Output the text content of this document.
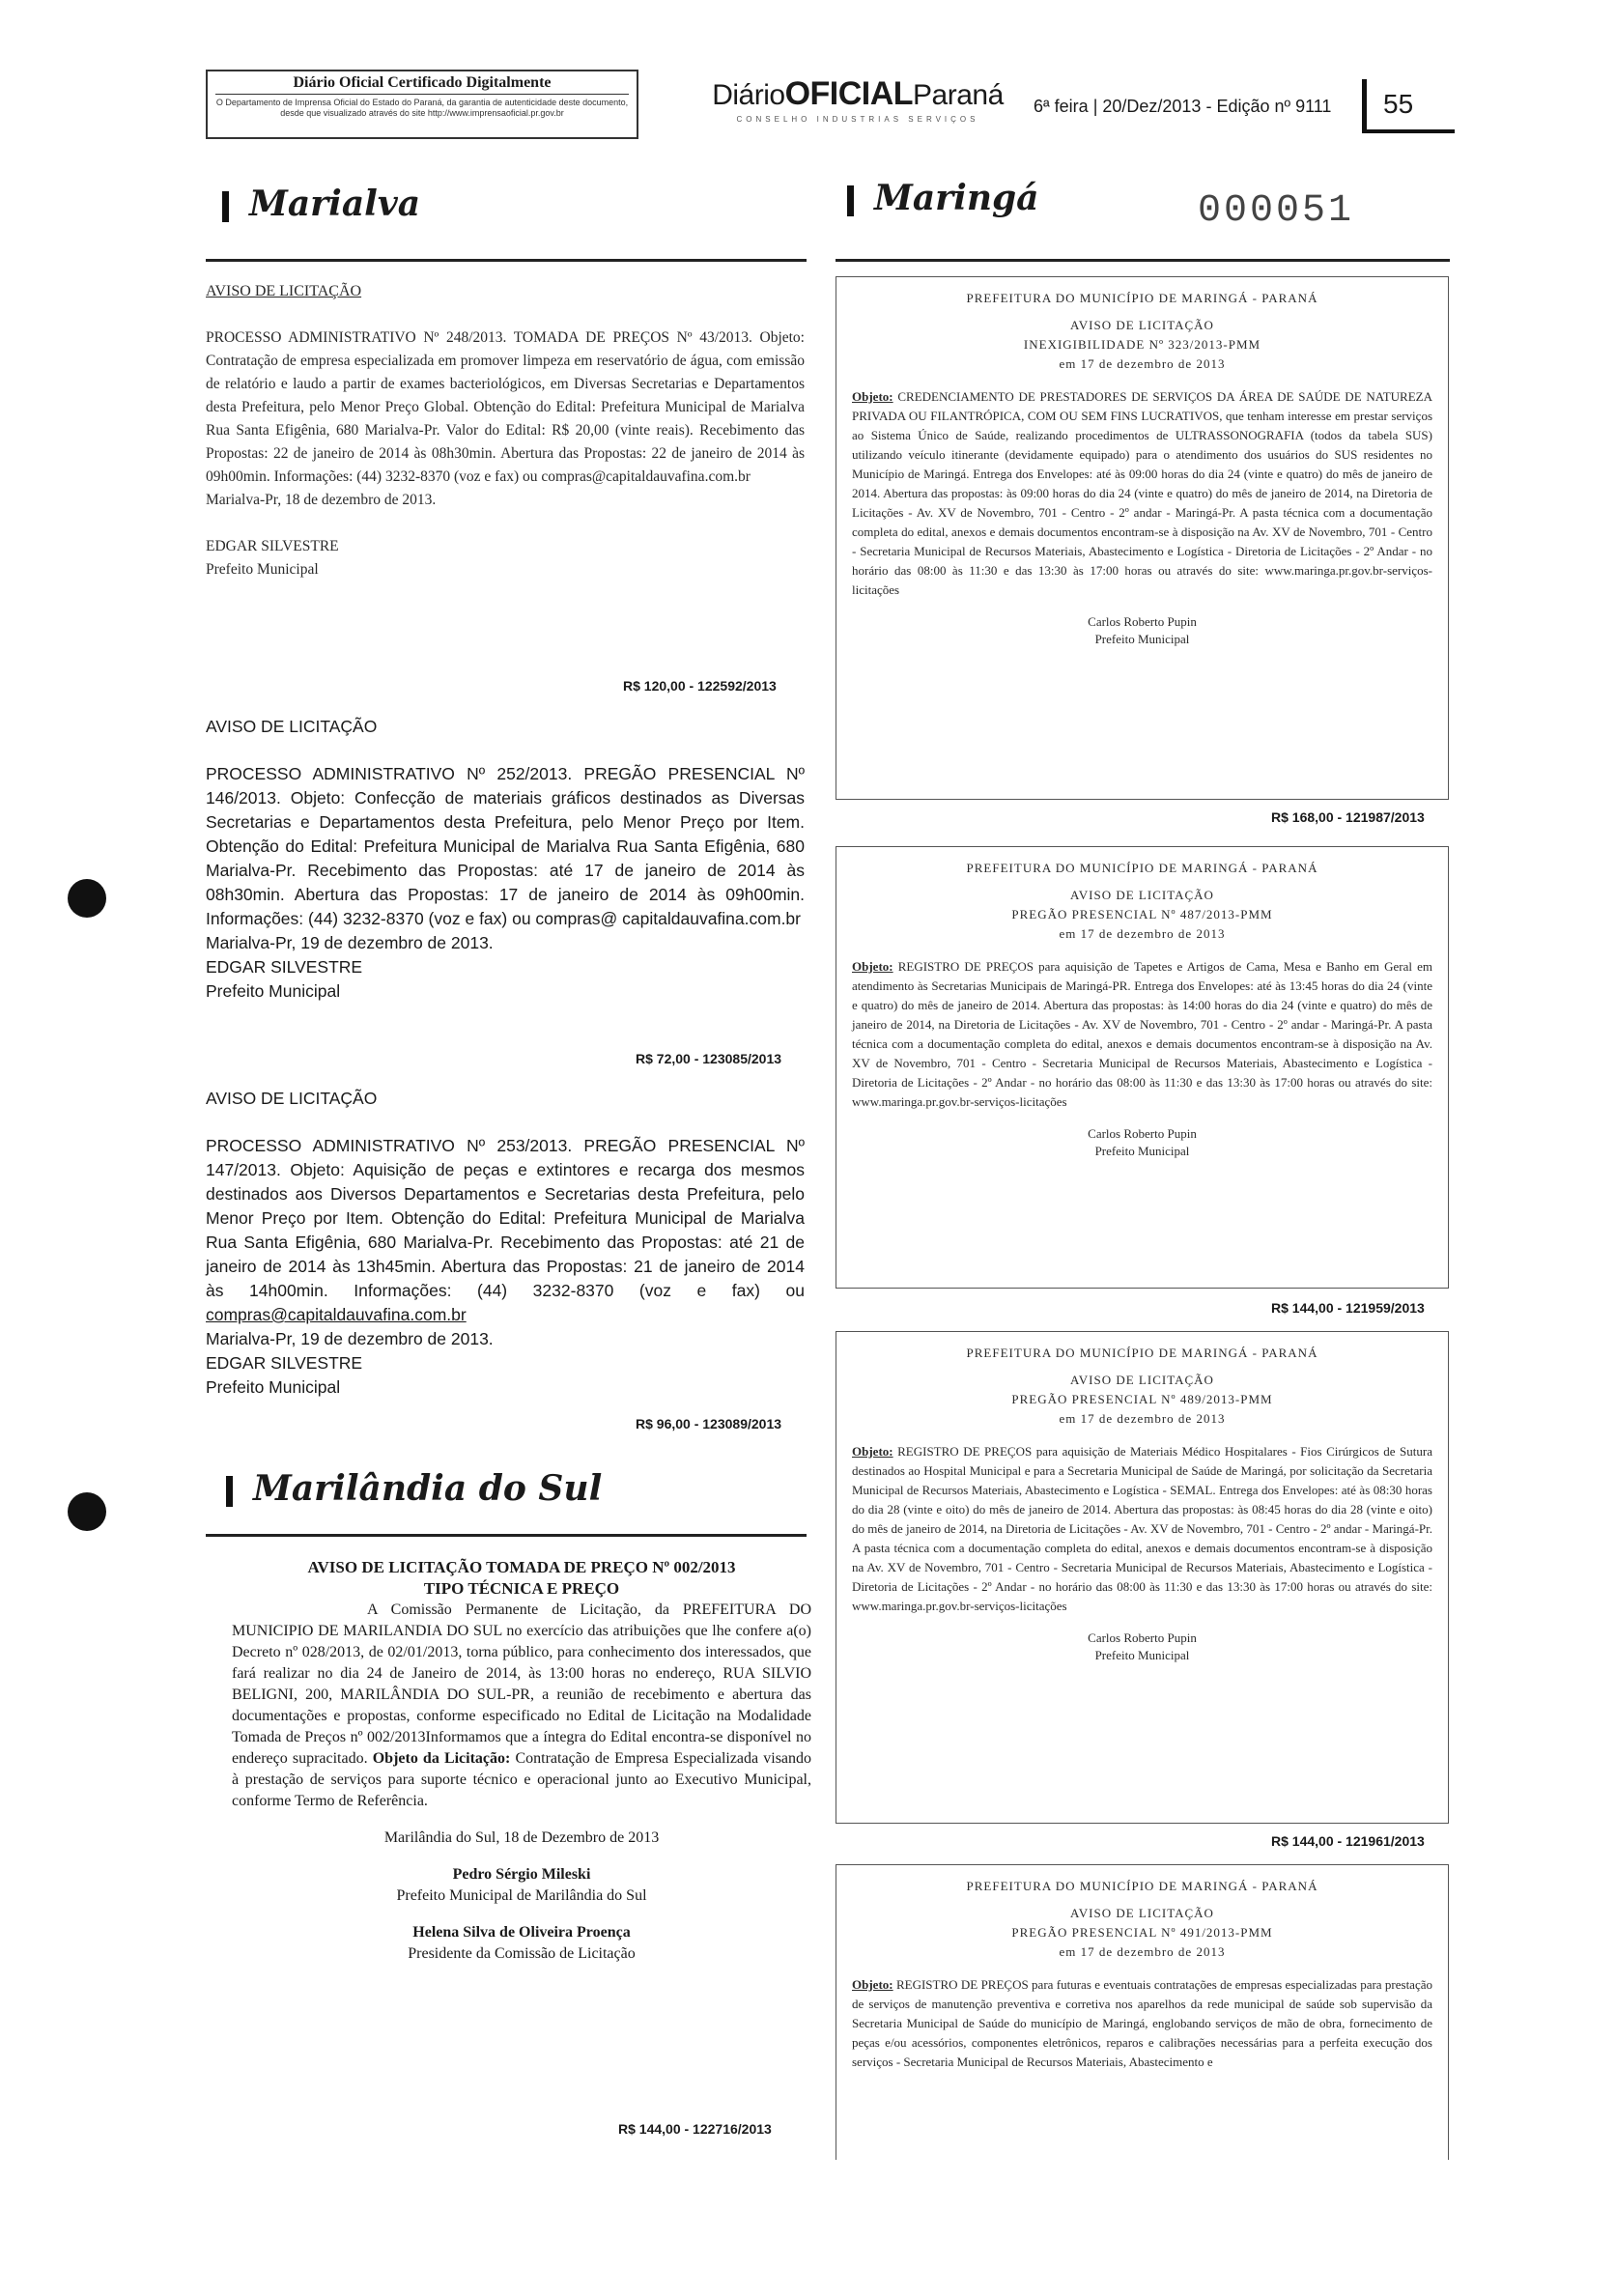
Diário Oficial Certificado Digitalmente
O Departamento de Imprensa Oficial do Estado do Paraná, da garantia de autenticidade deste documento, desde que visualizado através do site http://www.imprensaoficial.pr.gov.br
DiárioOFICIALParaná
CONSELHO INDUSTRIAS SERVIÇOS
6ª feira | 20/Dez/2013 - Edição nº 9111 55
000051
Marialva	Maringá
AVISO DE LICITAÇÃO
PROCESSO ADMINISTRATIVO Nº 248/2013. TOMADA DE PREÇOS Nº 43/2013. Objeto: Contratação de empresa especializada em promover limpeza em reservatório de água, com emissão de relatório e laudo a partir de exames bacteriológicos, em Diversas Secretarias e Departamentos desta Prefeitura, pelo Menor Preço Global. Obtenção do Edital: Prefeitura Municipal de Marialva Rua Santa Efigênia, 680 Marialva-Pr. Valor do Edital: R$ 20,00 (vinte reais). Recebimento das Propostas: 22 de janeiro de 2014 às 08h30min. Abertura das Propostas: 22 de janeiro de 2014 às 09h00min. Informações: (44) 3232-8370 (voz e fax) ou compras@capitaldauvafina.com.br
Marialva-Pr, 18 de dezembro de 2013.
EDGAR SILVESTRE
Prefeito Municipal
R$ 120,00 - 122592/2013
AVISO DE LICITAÇÃO
PROCESSO ADMINISTRATIVO Nº 252/2013. PREGÃO PRESENCIAL Nº 146/2013. Objeto: Confecção de materiais gráficos destinados as Diversas Secretarias e Departamentos desta Prefeitura, pelo Menor Preço por Item. Obtenção do Edital: Prefeitura Municipal de Marialva Rua Santa Efigênia, 680 Marialva-Pr. Recebimento das Propostas: até 17 de janeiro de 2014 às 08h30min. Abertura das Propostas: 17 de janeiro de 2014 às 09h00min. Informações: (44) 3232-8370 (voz e fax) ou compras@ capitaldauvafina.com.br
Marialva-Pr, 19 de dezembro de 2013.
EDGAR SILVESTRE
Prefeito Municipal
R$ 72,00 - 123085/2013
AVISO DE LICITAÇÃO
PROCESSO ADMINISTRATIVO Nº 253/2013. PREGÃO PRESENCIAL Nº 147/2013. Objeto: Aquisição de peças e extintores e recarga dos mesmos destinados aos Diversos Departamentos e Secretarias desta Prefeitura, pelo Menor Preço por Item. Obtenção do Edital: Prefeitura Municipal de Marialva Rua Santa Efigênia, 680 Marialva-Pr. Recebimento das Propostas: até 21 de janeiro de 2014 às 13h45min. Abertura das Propostas: 21 de janeiro de 2014 às 14h00min. Informações: (44) 3232-8370 (voz e fax) ou compras@capitaldauvafina.com.br
Marialva-Pr, 19 de dezembro de 2013.
EDGAR SILVESTRE
Prefeito Municipal
R$ 96,00 - 123089/2013
Marilândia do Sul
AVISO DE LICITAÇÃO TOMADA DE PREÇO Nº 002/2013
TIPO TÉCNICA E PREÇO
A Comissão Permanente de Licitação, da PREFEITURA DO MUNICIPIO DE MARILANDIA DO SUL no exercício das atribuições que lhe confere a(o) Decreto nº 028/2013, de 02/01/2013, torna público, para conhecimento dos interessados, que fará realizar no dia 24 de Janeiro de 2014, às 13:00 horas no endereço, RUA SILVIO BELIGNI, 200, MARILÂNDIA DO SUL-PR, a reunião de recebimento e abertura das documentações e propostas, conforme especificado no Edital de Licitação na Modalidade Tomada de Preços nº 002/2013Informamos que a íntegra do Edital encontra-se disponível no endereço supracitado. Objeto da Licitação: Contratação de Empresa Especializada visando à prestação de serviços para suporte técnico e operacional junto ao Executivo Municipal, conforme Termo de Referência.
Marilândia do Sul, 18 de Dezembro de 2013
Pedro Sérgio Mileski
Prefeito Municipal de Marilândia do Sul
Helena Silva de Oliveira Proença
Presidente da Comissão de Licitação
R$ 144,00 - 122716/2013
PREFEITURA DO MUNICÍPIO DE MARINGÁ - PARANÁ
AVISO DE LICITAÇÃO
INEXIGIBILIDADE Nº 323/2013-PMM
em 17 de dezembro de 2013
Objeto: CREDENCIAMENTO DE PRESTADORES DE SERVIÇOS DA ÁREA DE SAÚDE DE NATUREZA PRIVADA OU FILANTRÓPICA, COM OU SEM FINS LUCRATIVOS, que tenham interesse em prestar serviços ao Sistema Único de Saúde, realizando procedimentos de ULTRASSONOGRAFIA (todos da tabela SUS) utilizando veículo itinerante (devidamente equipado) para o atendimento dos usuários do SUS residentes no Município de Maringá. Entrega dos Envelopes: até às 09:00 horas do dia 24 (vinte e quatro) do mês de janeiro de 2014. Abertura das propostas: às 09:00 horas do dia 24 (vinte e quatro) do mês de janeiro de 2014, na Diretoria de Licitações - Av. XV de Novembro, 701 - Centro - 2º andar - Maringá-Pr. A pasta técnica com a documentação completa do edital, anexos e demais documentos encontram-se à disposição na Av. XV de Novembro, 701 - Centro - Secretaria Municipal de Recursos Materiais, Abastecimento e Logística - Diretoria de Licitações - 2º Andar - no horário das 08:00 às 11:30 e das 13:30 às 17:00 horas ou através do site: www.maringa.pr.gov.br-serviços-licitações
Carlos Roberto Pupin
Prefeito Municipal
R$ 168,00 - 121987/2013
PREFEITURA DO MUNICÍPIO DE MARINGÁ - PARANÁ
AVISO DE LICITAÇÃO
PREGÃO PRESENCIAL Nº 487/2013-PMM
em 17 de dezembro de 2013
Objeto: REGISTRO DE PREÇOS para aquisição de Tapetes e Artigos de Cama, Mesa e Banho em Geral em atendimento às Secretarias Municipais de Maringá-PR. Entrega dos Envelopes: até às 13:45 horas do dia 24 (vinte e quatro) do mês de janeiro de 2014. Abertura das propostas: às 14:00 horas do dia 24 (vinte e quatro) do mês de janeiro de 2014, na Diretoria de Licitações - Av. XV de Novembro, 701 - Centro - 2º andar - Maringá-Pr. A pasta técnica com a documentação completa do edital, anexos e demais documentos encontram-se à disposição na Av. XV de Novembro, 701 - Centro - Secretaria Municipal de Recursos Materiais, Abastecimento e Logística - Diretoria de Licitações - 2º Andar - no horário das 08:00 às 11:30 e das 13:30 às 17:00 horas ou através do site: www.maringa.pr.gov.br-serviços-licitações
Carlos Roberto Pupin
Prefeito Municipal
R$ 144,00 - 121959/2013
PREFEITURA DO MUNICÍPIO DE MARINGÁ - PARANÁ
AVISO DE LICITAÇÃO
PREGÃO PRESENCIAL Nº 489/2013-PMM
em 17 de dezembro de 2013
Objeto: REGISTRO DE PREÇOS para aquisição de Materiais Médico Hospitalares - Fios Cirúrgicos de Sutura destinados ao Hospital Municipal e para a Secretaria Municipal de Saúde de Maringá, por solicitação da Secretaria Municipal de Recursos Materiais, Abastecimento e Logística - SEMAL. Entrega dos Envelopes: até às 08:30 horas do dia 28 (vinte e oito) do mês de janeiro de 2014. Abertura das propostas: às 08:45 horas do dia 28 (vinte e oito) do mês de janeiro de 2014, na Diretoria de Licitações - Av. XV de Novembro, 701 - Centro - 2º andar - Maringá-Pr. A pasta técnica com a documentação completa do edital, anexos e demais documentos encontram-se à disposição na Av. XV de Novembro, 701 - Centro - Secretaria Municipal de Recursos Materiais, Abastecimento e Logística - Diretoria de Licitações - 2º Andar - no horário das 08:00 às 11:30 e das 13:30 às 17:00 horas ou através do site: www.maringa.pr.gov.br-serviços-licitações
Carlos Roberto Pupin
Prefeito Municipal
R$ 144,00 - 121961/2013
PREFEITURA DO MUNICÍPIO DE MARINGÁ - PARANÁ
AVISO DE LICITAÇÃO
PREGÃO PRESENCIAL Nº 491/2013-PMM
em 17 de dezembro de 2013
Objeto: REGISTRO DE PREÇOS para futuras e eventuais contratações de empresas especializadas para prestação de serviços de manutenção preventiva e corretiva nos aparelhos da rede municipal de saúde sob supervisão da Secretaria Municipal de Saúde do município de Maringá, englobando serviços de mão de obra, fornecimento de peças e/ou acessórios, componentes eletrônicos, reparos e calibrações necessárias para a perfeita execução dos serviços - Secretaria Municipal de Recursos Materiais, Abastecimento e
